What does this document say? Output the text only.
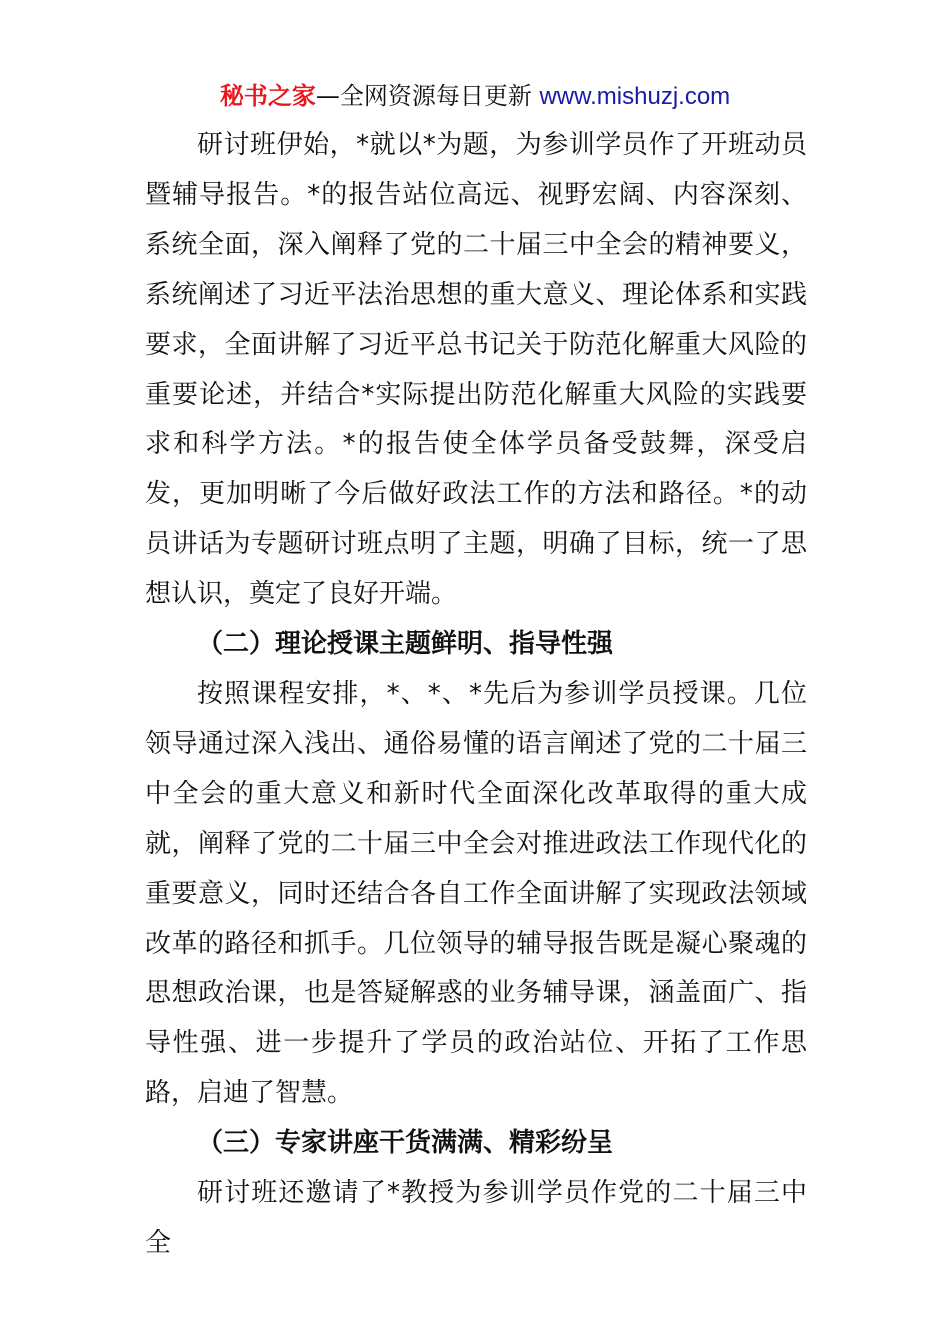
秘书之家—全网资源每日更新 www.mishuzj.com

研讨班伊始，*就以*为题，为参训学员作了开班动员暨辅导报告。*的报告站位高远、视野宏阔、内容深刻、系统全面，深入阐释了党的二十届三中全会的精神要义，系统阐述了习近平法治思想的重大意义、理论体系和实践要求，全面讲解了习近平总书记关于防范化解重大风险的重要论述，并结合*实际提出防范化解重大风险的实践要求和科学方法。*的报告使全体学员备受鼓舞，深受启发，更加明晰了今后做好政法工作的方法和路径。*的动员讲话为专题研讨班点明了主题，明确了目标，统一了思想认识，奠定了良好开端。

（二）理论授课主题鲜明、指导性强

按照课程安排，*、*、*先后为参训学员授课。几位领导通过深入浅出、通俗易懂的语言阐述了党的二十届三中全会的重大意义和新时代全面深化改革取得的重大成就，阐释了党的二十届三中全会对推进政法工作现代化的重要意义，同时还结合各自工作全面讲解了实现政法领域改革的路径和抓手。几位领导的辅导报告既是凝心聚魂的思想政治课，也是答疑解惑的业务辅导课，涵盖面广、指导性强、进一步提升了学员的政治站位、开拓了工作思路，启迪了智慧。

（三）专家讲座干货满满、精彩纷呈

研讨班还邀请了*教授为参训学员作党的二十届三中全
